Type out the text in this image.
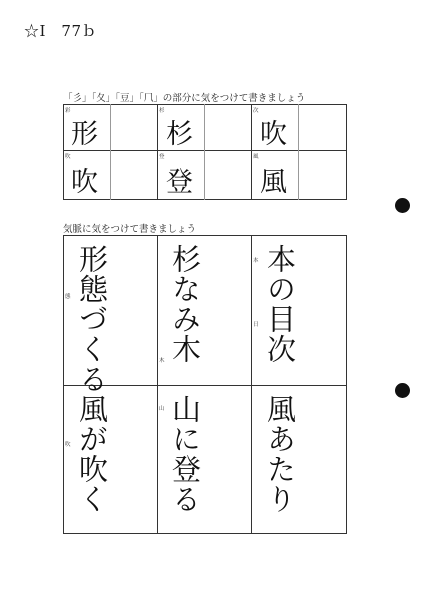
☆Ⅰ　77ｂ
「彡」「夂」「豆」「𠘨」の部分に気をつけて書きましょう
彩	杉	次
吹	登	風
形 杉 吹
吹 登 風
気脈に気をつけて書きましょう
態
木
本
日
吹
山
形態づくる 杉なみ木 本の目次
風が吹く 山に登る 風あたり
